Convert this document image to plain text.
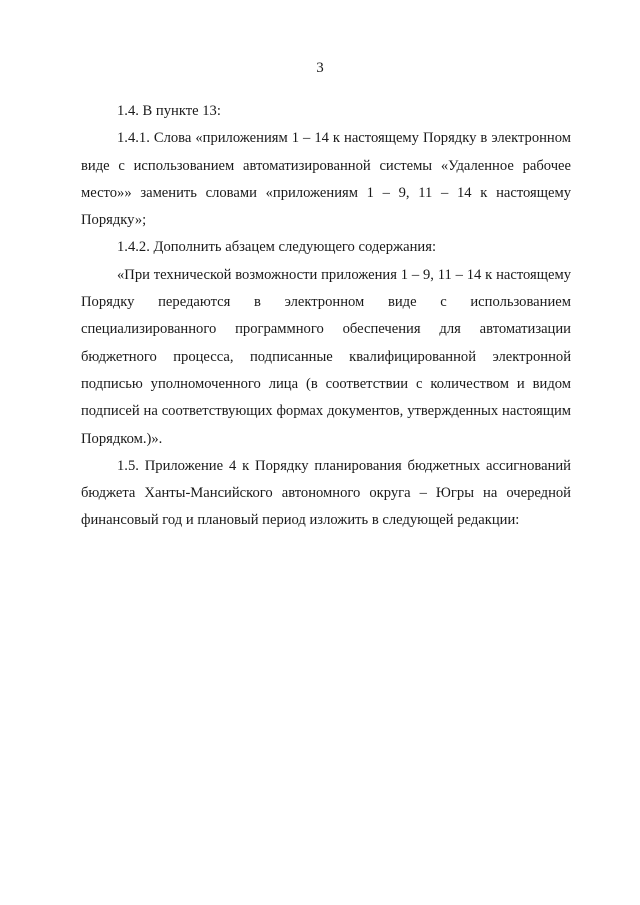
3

1.4. В пункте 13:

1.4.1. Слова «приложениям 1 – 14 к настоящему Порядку в электронном виде с использованием автоматизированной системы «Удаленное рабочее место»» заменить словами «приложениям 1 – 9, 11 – 14 к настоящему Порядку»;

1.4.2. Дополнить абзацем следующего содержания:

«При технической возможности приложения 1 – 9, 11 – 14 к настоящему Порядку передаются в электронном виде с использованием специализированного программного обеспечения для автоматизации бюджетного процесса, подписанные квалифицированной электронной подписью уполномоченного лица (в соответствии с количеством и видом подписей на соответствующих формах документов, утвержденных настоящим Порядком.)».

1.5. Приложение 4 к Порядку планирования бюджетных ассигнований бюджета Ханты-Мансийского автономного округа – Югры на очередной финансовый год и плановый период изложить в следующей редакции:
